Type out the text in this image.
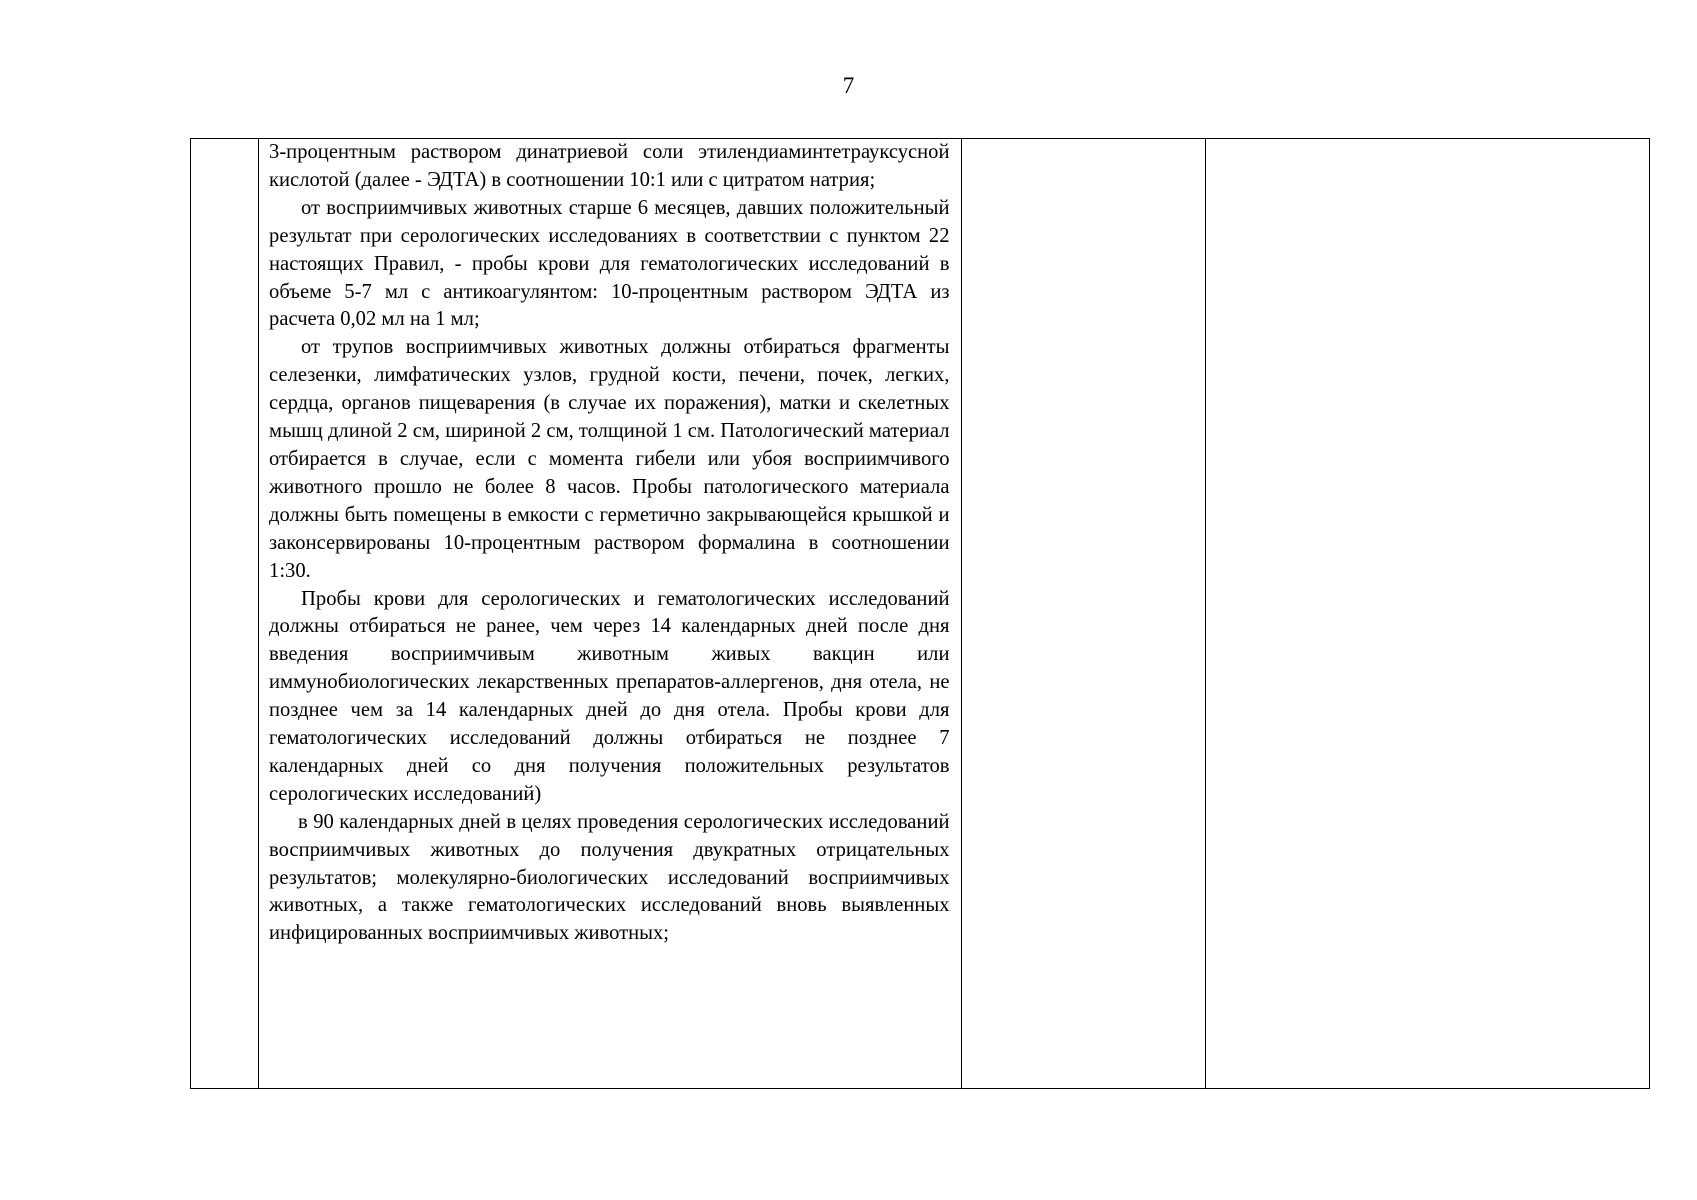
7

3-процентным раствором динатриевой соли этилендиаминтетрауксусной кислотой (далее - ЭДТА) в соотношении 10:1 или с цитратом натрия;

от восприимчивых животных старше 6 месяцев, давших положительный результат при серологических исследованиях в соответствии с пунктом 22 настоящих Правил, - пробы крови для гематологических исследований в объеме 5-7 мл с антикоагулянтом: 10-процентным раствором ЭДТА из расчета 0,02 мл на 1 мл;

от трупов восприимчивых животных должны отбираться фрагменты селезенки, лимфатических узлов, грудной кости, печени, почек, легких, сердца, органов пищеварения (в случае их поражения), матки и скелетных мышц длиной 2 см, шириной 2 см, толщиной 1 см. Патологический материал отбирается в случае, если с момента гибели или убоя восприимчивого животного прошло не более 8 часов. Пробы патологического материала должны быть помещены в емкости с герметично закрывающейся крышкой и законсервированы 10-процентным раствором формалина в соотношении 1:30.

Пробы крови для серологических и гематологических исследований должны отбираться не ранее, чем через 14 календарных дней после дня введения восприимчивым животным живых вакцин или иммунобиологических лекарственных препаратов-аллергенов, дня отела, не позднее чем за 14 календарных дней до дня отела. Пробы крови для гематологических исследований должны отбираться не позднее 7 календарных дней со дня получения положительных результатов серологических исследований)

в 90 календарных дней в целях проведения серологических исследований восприимчивых животных до получения двукратных отрицательных результатов; молекулярно-биологических исследований восприимчивых животных, а также гематологических исследований вновь выявленных инфицированных восприимчивых животных;
